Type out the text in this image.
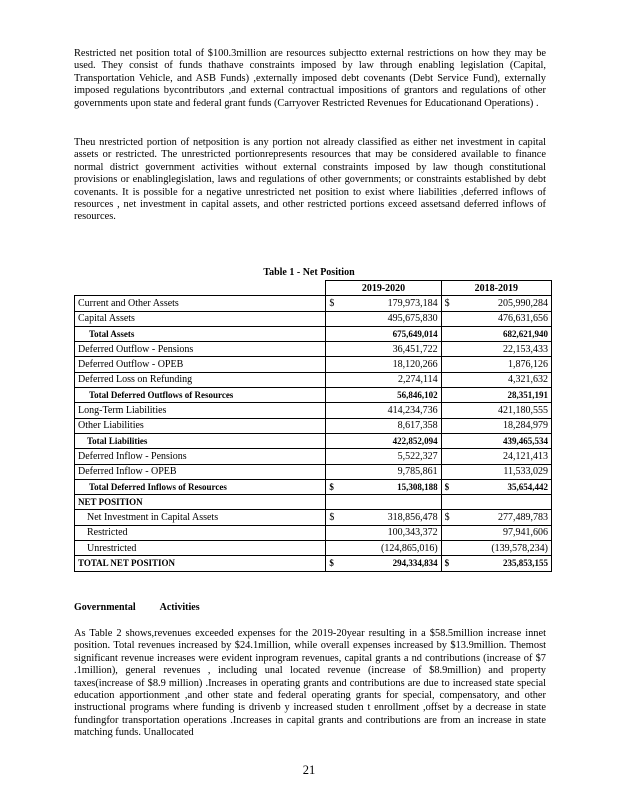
Restricted net position total of $100.3million are resources subjectto external restrictions on how they may be used. They consist of funds thathave constraints imposed by law through enabling legislation (Capital, Transportation Vehicle, and ASB Funds) ,externally imposed debt covenants (Debt Service Fund), externally imposed regulations bycontributors ,and external contractual impositions of grantors and regulations of other governments upon state and federal grant funds (Carryover Restricted Revenues for Educationand Operations) .

Theu nrestricted portion of netposition is any portion not already classified as either net investment in capital assets or restricted. The unrestricted portionrepresents resources that may be considered available to finance normal district government activities without external constraints imposed by law though constitutional provisions or enablinglegislation, laws and regulations of other governments; or constraints established by debt covenants. It is possible for a negative unrestricted net position to exist where liabilities ,deferred inflows of resources , net investment in capital assets, and other restricted portions exceed assetsand deferred inflows of resources.

Table 1 - Net Position
	2019-2020		2018-2019	
Current and Other Assets	$	179,973,184	$	205,990,284
Capital Assets		495,675,830		476,631,656
Total Assets		675,649,014		682,621,940
Deferred Outflow - Pensions		36,451,722		22,153,433
Deferred Outflow - OPEB		18,120,266		1,876,126
Deferred Loss on Refunding		2,274,114		4,321,632
Total Deferred Outflows of Resources		56,846,102		28,351,191
Long-Term Liabilities		414,234,736		421,180,555
Other Liabilities		8,617,358		18,284,979
Total Liabilities		422,852,094		439,465,534
Deferred Inflow - Pensions		5,522,327		24,121,413
Deferred Inflow - OPEB		9,785,861		11,533,029
Total Deferred Inflows of Resources	$	15,308,188	$	35,654,442
NET POSITION				
Net Investment in Capital Assets	$	318,856,478	$	277,489,783
Restricted		100,343,372		97,941,606
Unrestricted		(124,865,016)		(139,578,234)
TOTAL NET POSITION	$	294,334,834	$	235,853,155
Governmental Activities

As Table 2 shows,revenues exceeded expenses for the 2019-20year resulting in a $58.5million increase innet position. Total revenues increased by $24.1million, while overall expenses increased by $13.9million. Themost significant revenue increases were evident inprogram revenues, capital grants a nd contributions (increase of $7 .1million), general revenues , including unal located revenue (increase of $8.9million) and property taxes(increase of $8.9 million) .Increases in operating grants and contributions are due to increased state special education apportionment ,and other state and federal operating grants for special, compensatory, and other instructional programs where funding is drivenb y increased studen t enrollment ,offset by a decrease in state fundingfor transportation operations .Increases in capital grants and contributions are from an increase in state matching funds. Unallocated

21
